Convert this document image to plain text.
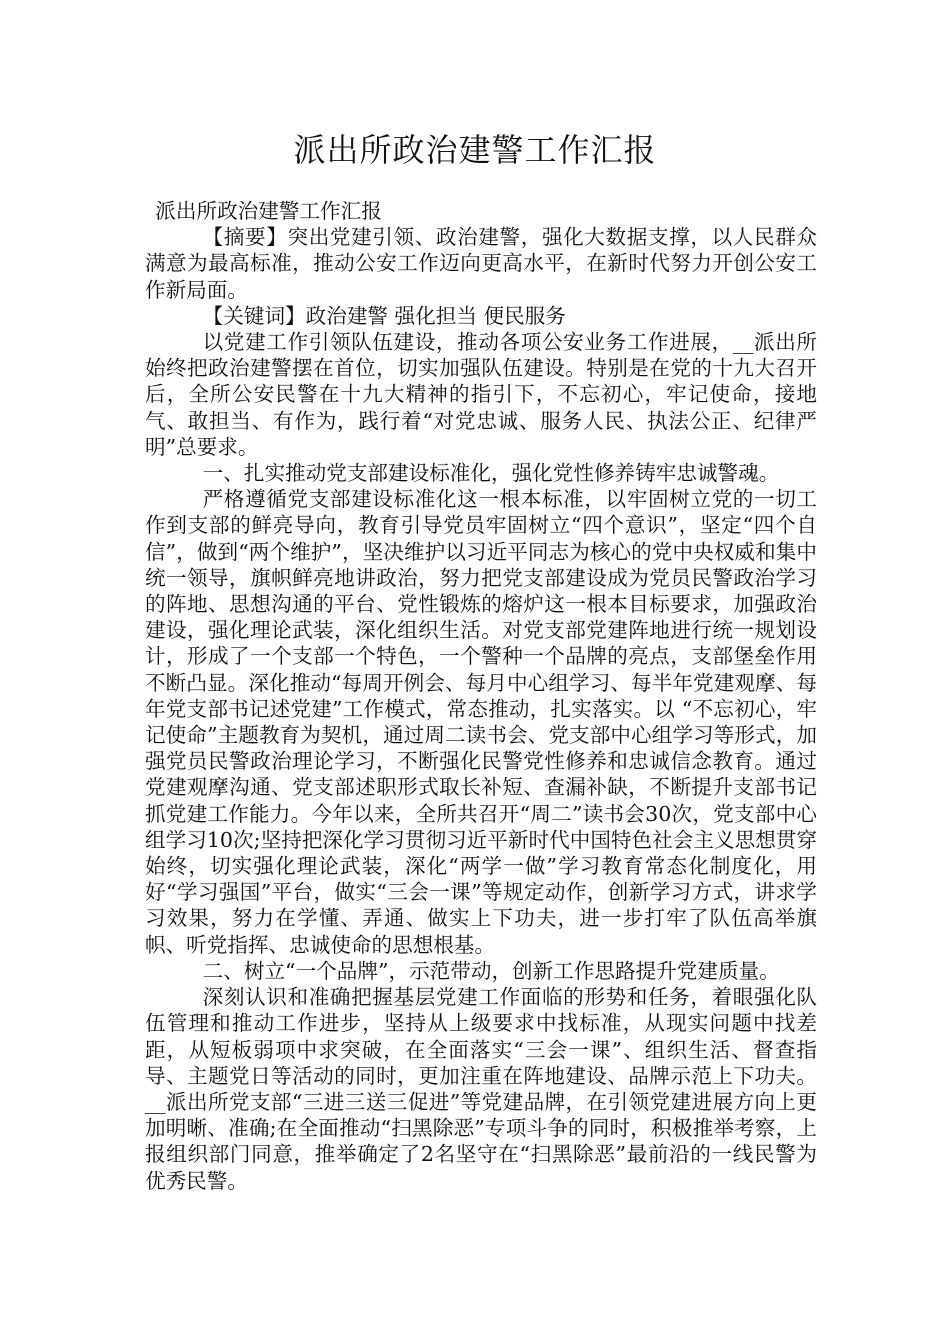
派出所政治建警工作汇报

派出所政治建警工作汇报

【摘要】突出党建引领、政治建警，强化大数据支撑，以人民群众满意为最高标准，推动公安工作迈向更高水平，在新时代努力开创公安工作新局面。

【关键词】政治建警 强化担当 便民服务

以党建工作引领队伍建设，推动各项公安业务工作进展，__派出所始终把政治建警摆在首位，切实加强队伍建设。特别是在党的十九大召开后，全所公安民警在十九大精神的指引下，不忘初心，牢记使命，接地气、敢担当、有作为，践行着“对党忠诚、服务人民、执法公正、纪律严明”总要求。

一、扎实推动党支部建设标准化，强化党性修养铸牢忠诚警魂。

严格遵循党支部建设标准化这一根本标准，以牢固树立党的一切工作到支部的鲜亮导向，教育引导党员牢固树立“四个意识”，坚定“四个自信”，做到“两个维护”，坚决维护以习近平同志为核心的党中央权威和集中统一领导，旗帜鲜亮地讲政治，努力把党支部建设成为党员民警政治学习的阵地、思想沟通的平台、党性锻炼的熔炉这一根本目标要求，加强政治建设，强化理论武装，深化组织生活。对党支部党建阵地进行统一规划设计，形成了一个支部一个特色，一个警种一个品牌的亮点，支部堡垒作用不断凸显。深化推动“每周开例会、每月中心组学习、每半年党建观摩、每年党支部书记述党建”工作模式，常态推动，扎实落实。以 “不忘初心，牢记使命”主题教育为契机，通过周二读书会、党支部中心组学习等形式，加强党员民警政治理论学习，不断强化民警党性修养和忠诚信念教育。通过党建观摩沟通、党支部述职形式取长补短、查漏补缺，不断提升支部书记抓党建工作能力。今年以来，全所共召开“周二”读书会30次，党支部中心组学习10次;坚持把深化学习贯彻习近平新时代中国特色社会主义思想贯穿始终，切实强化理论武装，深化“两学一做”学习教育常态化制度化，用好“学习强国”平台，做实“三会一课”等规定动作，创新学习方式，讲求学习效果，努力在学懂、弄通、做实上下功夫，进一步打牢了队伍高举旗帜、听党指挥、忠诚使命的思想根基。

二、树立“一个品牌”，示范带动，创新工作思路提升党建质量。

深刻认识和准确把握基层党建工作面临的形势和任务，着眼强化队伍管理和推动工作进步，坚持从上级要求中找标准，从现实问题中找差距，从短板弱项中求突破，在全面落实“三会一课”、组织生活、督查指导、主题党日等活动的同时，更加注重在阵地建设、品牌示范上下功夫。__派出所党支部“三进三送三促进”等党建品牌，在引领党建进展方向上更加明晰、准确;在全面推动“扫黑除恶”专项斗争的同时，积极推举考察，上报组织部门同意，推举确定了2名坚守在“扫黑除恶”最前沿的一线民警为优秀民警。
